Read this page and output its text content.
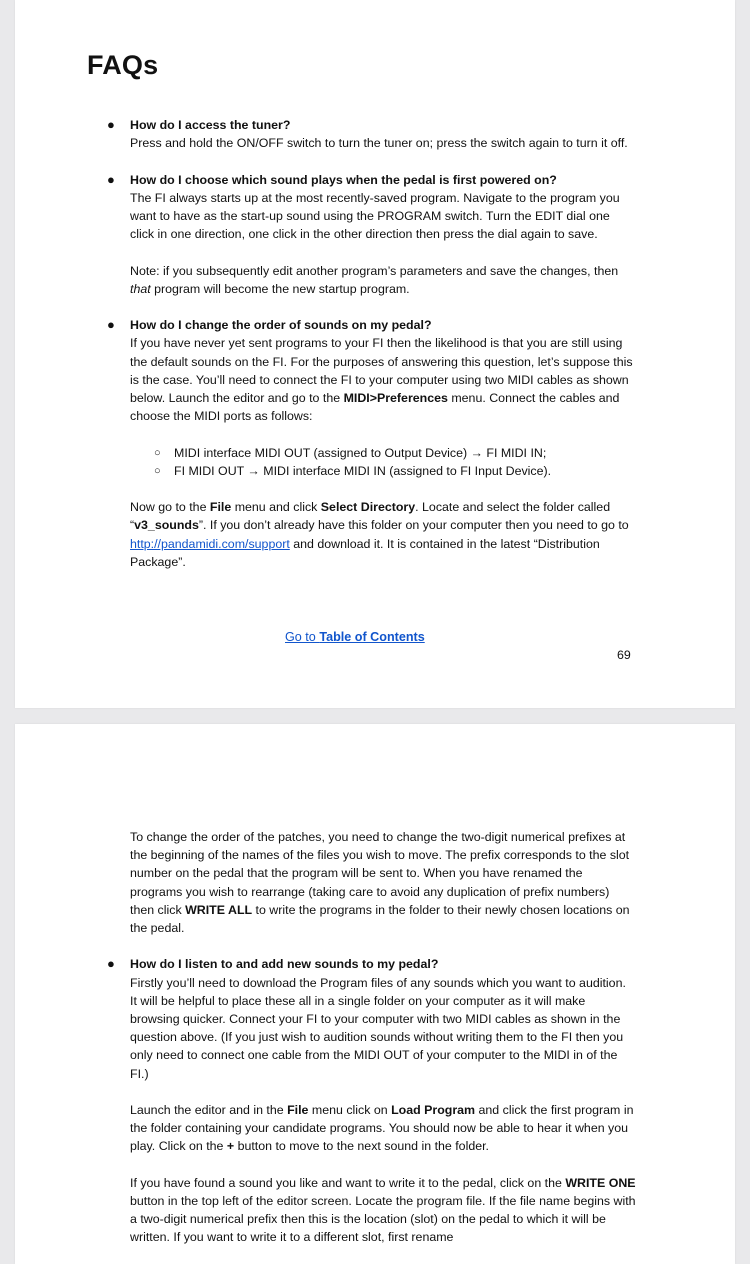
FAQs
● How do I access the tuner?

Press and hold the ON/OFF switch to turn the tuner on; press the switch again to turn it off.

● How do I choose which sound plays when the pedal is first powered on?

The FI always starts up at the most recently-saved program. Navigate to the program you want to have as the start-up sound using the PROGRAM switch. Turn the EDIT dial one click in one direction, one click in the other direction then press the dial again to save.

Note: if you subsequently edit another program’s parameters and save the changes, then that program will become the new startup program.

● How do I change the order of sounds on my pedal?

If you have never yet sent programs to your FI then the likelihood is that you are still using the default sounds on the FI. For the purposes of answering this question, let’s suppose this is the case. You’ll need to connect the FI to your computer using two MIDI cables as shown below. Launch the editor and go to the MIDI>Preferences menu. Connect the cables and choose the MIDI ports as follows:

○ MIDI interface MIDI OUT (assigned to Output Device) → FI MIDI IN;
○ FI MIDI OUT → MIDI interface MIDI IN (assigned to FI Input Device).

Now go to the File menu and click Select Directory. Locate and select the folder called “v3_sounds”. If you don’t already have this folder on your computer then you need to go to http://pandamidi.com/support and download it. It is contained in the latest “Distribution Package”.

Go to Table of Contents
69

To change the order of the patches, you need to change the two-digit numerical prefixes at the beginning of the names of the files you wish to move. The prefix corresponds to the slot number on the pedal that the program will be sent to. When you have renamed the programs you wish to rearrange (taking care to avoid any duplication of prefix numbers) then click WRITE ALL to write the programs in the folder to their newly chosen locations on the pedal.

● How do I listen to and add new sounds to my pedal?

Firstly you’ll need to download the Program files of any sounds which you want to audition. It will be helpful to place these all in a single folder on your computer as it will make browsing quicker. Connect your FI to your computer with two MIDI cables as shown in the question above. (If you just wish to audition sounds without writing them to the FI then you only need to connect one cable from the MIDI OUT of your computer to the MIDI in of the FI.)

Launch the editor and in the File menu click on Load Program and click the first program in the folder containing your candidate programs. You should now be able to hear it when you play. Click on the + button to move to the next sound in the folder.

If you have found a sound you like and want to write it to the pedal, click on the WRITE ONE button in the top left of the editor screen. Locate the program file. If the file name begins with a two-digit numerical prefix then this is the location (slot) on the pedal to which it will be written. If you want to write it to a different slot, first rename
